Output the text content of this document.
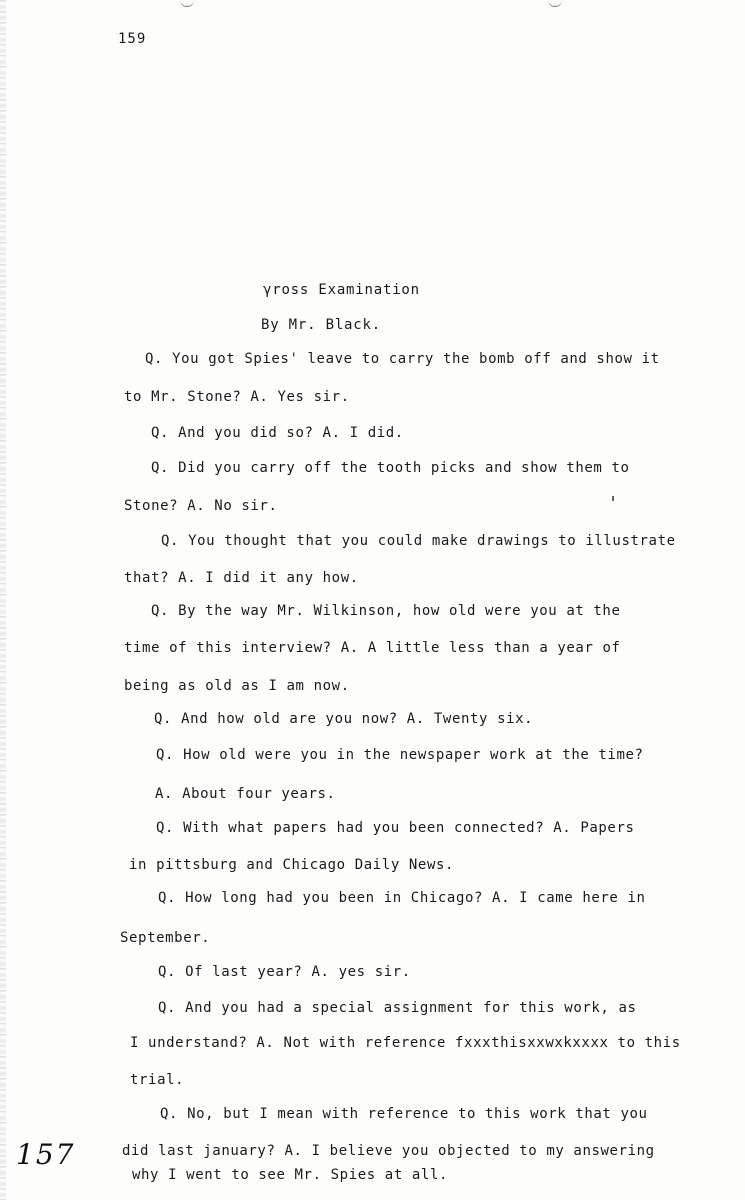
159
γross Examination
Βy Mr. Black.
Q. You got Spies' leave to carry the bomb off and show it
to Mr. Stone? A. Yes sir.
Q. And you did so? A. I did.
Q. Did you carry off the tooth picks and show them to
Stone? A. No sir.
Q. You thought that you could make drawings to illustrate
that? A. I did it any how.
Q. By the way Mr. Wilkinson, how old were you at the
time of this interview? A. A little less than a year of
being as old as I am now.
Q. And how old are you now? A. Twenty six.
Q. How old were you in the newspaper work at the time?
A. About four years.
Q. With what papers had you been connected? A. Papers
in pittsburg and Chicago Daily News.
Q. How long had you been in Chicago? A. I came here in
September.
Q. Of last year? A. yes sir.
Q. And you had a special assignment for this work, as
I understand? A. Not with reference fxxxthisxxwxkxxxx to this
trial.
Q. No, but I mean with reference to this work that you
did last january? A. I believe you objected to my answering
why I went to see Mr. Spies at all.
157
